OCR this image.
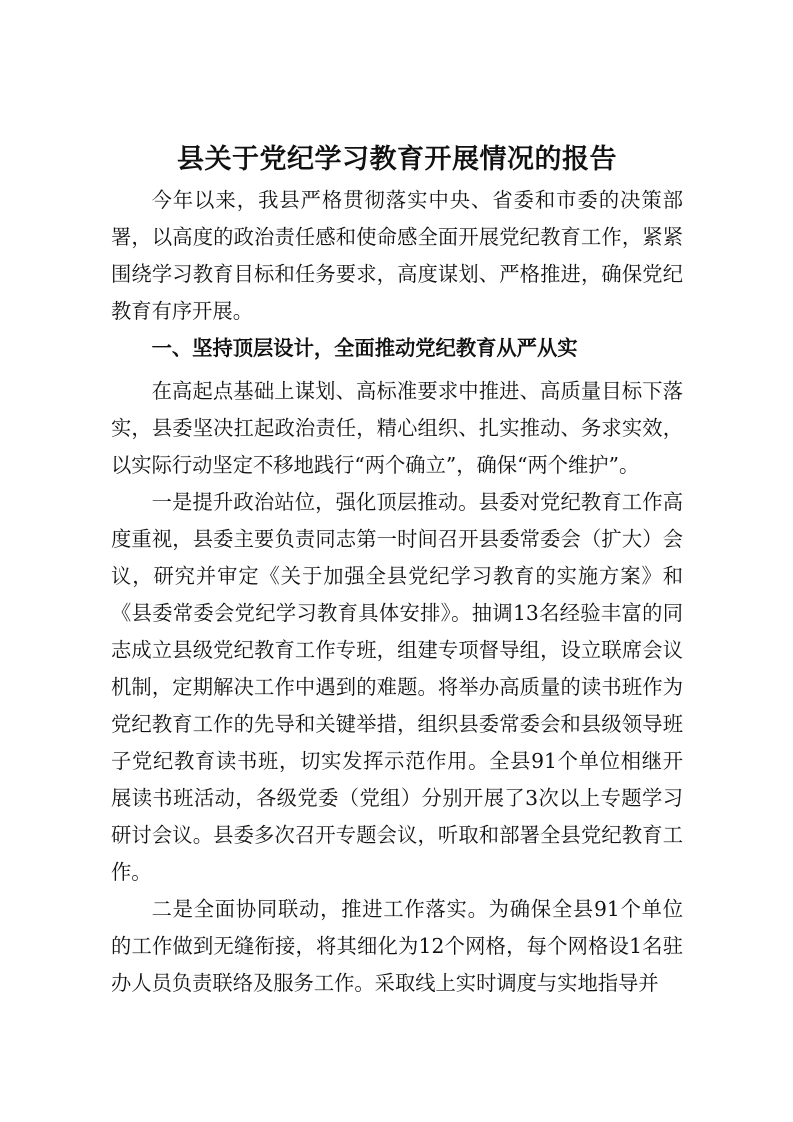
县关于党纪学习教育开展情况的报告

今年以来，我县严格贯彻落实中央、省委和市委的决策部署，以高度的政治责任感和使命感全面开展党纪教育工作，紧紧围绕学习教育目标和任务要求，高度谋划、严格推进，确保党纪教育有序开展。

一、坚持顶层设计，全面推动党纪教育从严从实

在高起点基础上谋划、高标准要求中推进、高质量目标下落实，县委坚决扛起政治责任，精心组织、扎实推动、务求实效，以实际行动坚定不移地践行“两个确立”，确保“两个维护”。

一是提升政治站位，强化顶层推动。县委对党纪教育工作高度重视，县委主要负责同志第一时间召开县委常委会（扩大）会议，研究并审定《关于加强全县党纪学习教育的实施方案》和《县委常委会党纪学习教育具体安排》。抽调13名经验丰富的同志成立县级党纪教育工作专班，组建专项督导组，设立联席会议机制，定期解决工作中遇到的难题。将举办高质量的读书班作为党纪教育工作的先导和关键举措，组织县委常委会和县级领导班子党纪教育读书班，切实发挥示范作用。全县91个单位相继开展读书班活动，各级党委（党组）分别开展了3次以上专题学习研讨会议。县委多次召开专题会议，听取和部署全县党纪教育工作。

二是全面协同联动，推进工作落实。为确保全县91个单位的工作做到无缝衔接，将其细化为12个网格，每个网格设1名驻办人员负责联络及服务工作。采取线上实时调度与实地指导并
